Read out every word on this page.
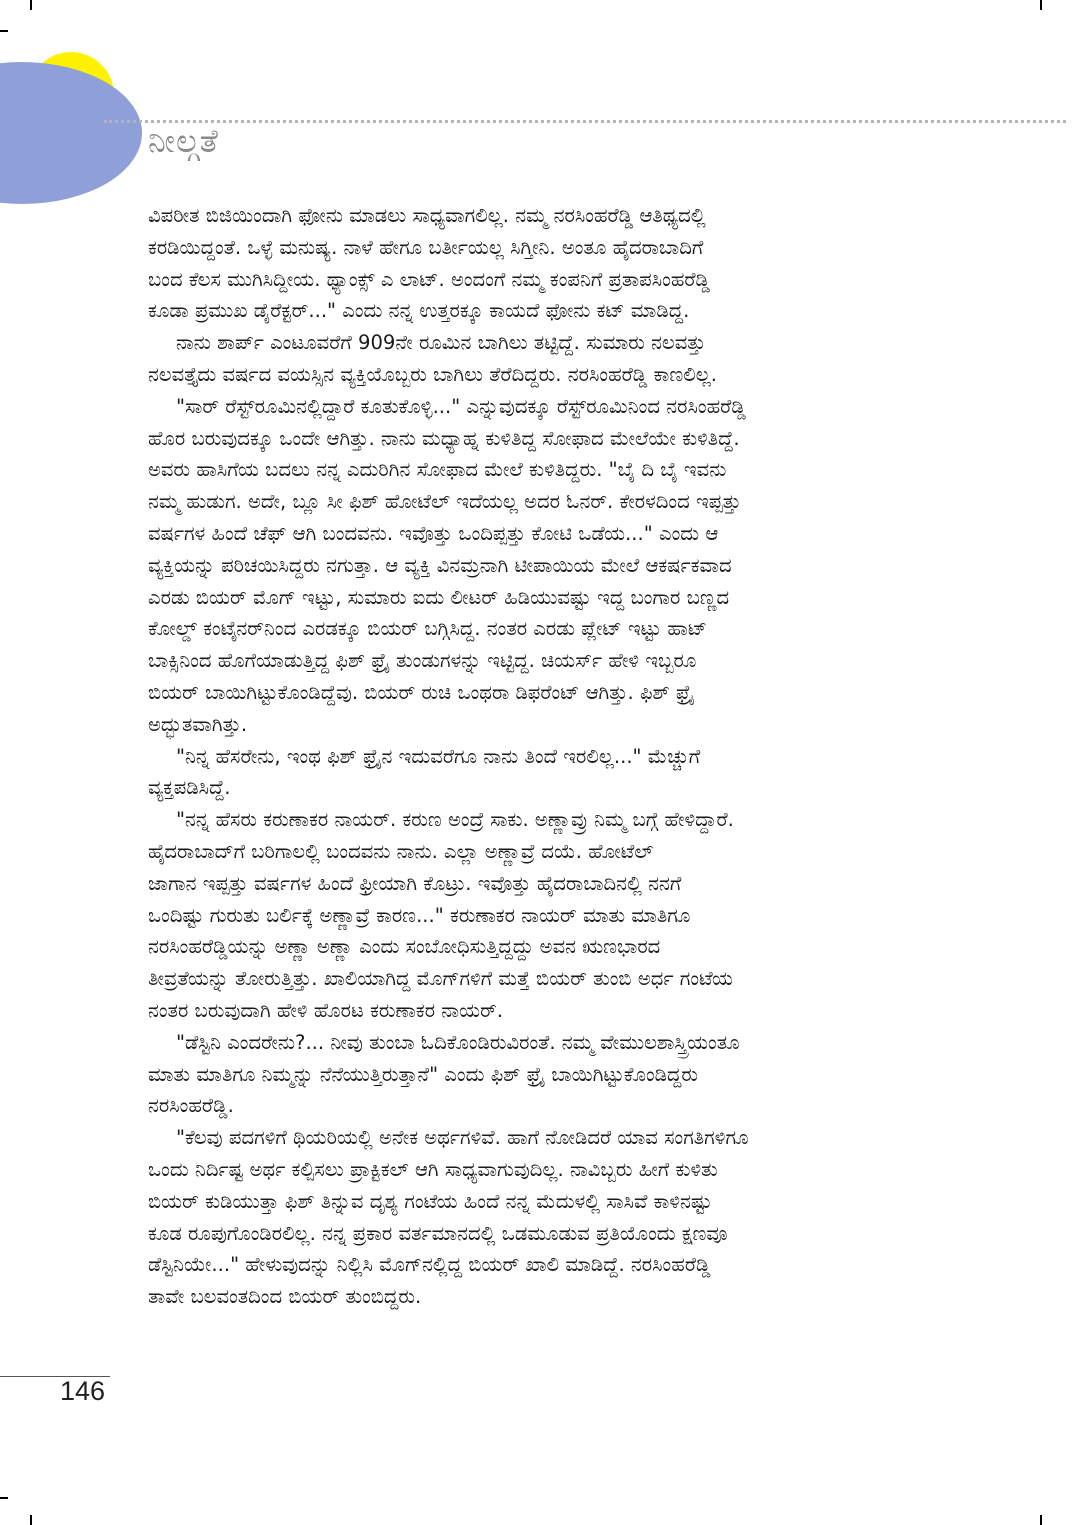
ನೀಲ್ಗತೆ
ವಿಪರೀತ ಬಿಜಿಯಿಂದಾಗಿ ಫೋನು ಮಾಡಲು ಸಾಧ್ಯವಾಗಲಿಲ್ಲ. ನಮ್ಮ ನರಸಿಂಹರೆಡ್ಡಿ ಆತಿಥ್ಯದಲ್ಲಿ
ಕರಡಿಯಿದ್ದಂತೆ. ಒಳ್ಳೆ ಮನುಷ್ಯ. ನಾಳೆ ಹೇಗೂ ಬರ್ತೀಯಲ್ಲ ಸಿಗ್ತೀನಿ. ಅಂತೂ ಹೈದರಾಬಾದಿಗೆ
ಬಂದ ಕೆಲಸ ಮುಗಿಸಿದ್ದೀಯ. ಥ್ಯಾಂಕ್ಸ್ ಎ ಲಾಟ್. ಅಂದಂಗೆ ನಮ್ಮ ಕಂಪನಿಗೆ ಪ್ರತಾಪಸಿಂಹರೆಡ್ಡಿ
ಕೂಡಾ ಪ್ರಮುಖ ಡೈರೆಕ್ಟರ್..." ಎಂದು ನನ್ನ ಉತ್ತರಕ್ಕೂ ಕಾಯದೆ ಫೋನು ಕಟ್ ಮಾಡಿದ್ದ.
ನಾನು ಶಾರ್ಪ್ ಎಂಟೂವರೆಗೆ 909ನೇ ರೂಮಿನ ಬಾಗಿಲು ತಟ್ಟಿದ್ದೆ. ಸುಮಾರು ನಲವತ್ತು
ನಲವತ್ತೈದು ವರ್ಷದ ವಯಸ್ಸಿನ ವ್ಯಕ್ತಿಯೊಬ್ಬರು ಬಾಗಿಲು ತೆರೆದಿದ್ದರು. ನರಸಿಂಹರೆಡ್ಡಿ ಕಾಣಲಿಲ್ಲ.
"ಸಾರ್ ರೆಸ್ಟ್‌ರೂಮಿನಲ್ಲಿದ್ದಾರೆ ಕೂತುಕೊಳ್ಳಿ..." ಎನ್ನುವುದಕ್ಕೂ ರೆಸ್ಟ್‌ರೂಮಿನಿಂದ ನರಸಿಂಹರೆಡ್ಡಿ
ಹೊರ ಬರುವುದಕ್ಕೂ ಒಂದೇ ಆಗಿತ್ತು. ನಾನು ಮಧ್ಯಾಹ್ನ ಕುಳಿತಿದ್ದ ಸೋಫಾದ ಮೇಲೆಯೇ ಕುಳಿತಿದ್ದೆ.
ಅವರು ಹಾಸಿಗೆಯ ಬದಲು ನನ್ನ ಎದುರಿಗಿನ ಸೋಫಾದ ಮೇಲೆ ಕುಳಿತಿದ್ದರು. "ಬೈ ದಿ ಬೈ ಇವನು
ನಮ್ಮ ಹುಡುಗ. ಅದೇ, ಬ್ಲೂ ಸೀ ಫಿಶ್ ಹೋಟೆಲ್ ಇದೆಯಲ್ಲ ಅದರ ಓನರ್. ಕೇರಳದಿಂದ ಇಪ್ಪತ್ತು
ವರ್ಷಗಳ ಹಿಂದೆ ಚೆಫ್ ಆಗಿ ಬಂದವನು. ಇವೊತ್ತು ಒಂದಿಪ್ಪತ್ತು ಕೋಟಿ ಒಡೆಯ..." ಎಂದು ಆ
ವ್ಯಕ್ತಿಯನ್ನು ಪರಿಚಯಿಸಿದ್ದರು ನಗುತ್ತಾ. ಆ ವ್ಯಕ್ತಿ ವಿನಮ್ರನಾಗಿ ಟೀಪಾಯಿಯ ಮೇಲೆ ಆಕರ್ಷಕವಾದ
ಎರಡು ಬಿಯರ್ ಮೊಗ್ ಇಟ್ಟು, ಸುಮಾರು ಐದು ಲೀಟರ್ ಹಿಡಿಯುವಷ್ಟು ಇದ್ದ ಬಂಗಾರ ಬಣ್ಣದ
ಕೋಲ್ಡ್ ಕಂಟೈನರ್‌ನಿಂದ ಎರಡಕ್ಕೂ ಬಿಯರ್ ಬಗ್ಗಿಸಿದ್ದ. ನಂತರ ಎರಡು ಪ್ಲೇಟ್ ಇಟ್ಟು ಹಾಟ್
ಬಾಕ್ಸಿನಿಂದ ಹೊಗೆಯಾಡುತ್ತಿದ್ದ ಫಿಶ್ ಫ್ರೈ ತುಂಡುಗಳನ್ನು ಇಟ್ಟಿದ್ದ. ಚಿಯರ್ಸ್ ಹೇಳಿ ಇಬ್ಬರೂ
ಬಿಯರ್ ಬಾಯಿಗಿಟ್ಟುಕೊಂಡಿದ್ದೆವು. ಬಿಯರ್ ರುಚಿ ಒಂಥರಾ ಡಿಫರೆಂಟ್ ಆಗಿತ್ತು. ಫಿಶ್ ಫ್ರೈ
ಅದ್ಭುತವಾಗಿತ್ತು.
"ನಿನ್ನ ಹೆಸರೇನು, ಇಂಥ ಫಿಶ್ ಫ್ರೈನ ಇದುವರೆಗೂ ನಾನು ತಿಂದೆ ಇರಲಿಲ್ಲ..." ಮೆಚ್ಚುಗೆ
ವ್ಯಕ್ತಪಡಿಸಿದ್ದೆ.
"ನನ್ನ ಹೆಸರು ಕರುಣಾಕರ ನಾಯರ್. ಕರುಣ ಅಂದ್ರೆ ಸಾಕು. ಅಣ್ಣಾವ್ರು ನಿಮ್ಮ ಬಗ್ಗೆ ಹೇಳಿದ್ದಾರೆ.
ಹೈದರಾಬಾದ್‌ಗೆ ಬರಿಗಾಲಲ್ಲಿ ಬಂದವನು ನಾನು. ಎಲ್ಲಾ ಅಣ್ಣಾವ್ರೆ ದಯೆ. ಹೋಟೆಲ್
ಜಾಗಾನ ಇಪ್ಪತ್ತು ವರ್ಷಗಳ ಹಿಂದೆ ಫ್ರೀಯಾಗಿ ಕೊಟ್ರು. ಇವೊತ್ತು ಹೈದರಾಬಾದಿನಲ್ಲಿ ನನಗೆ
ಒಂದಿಷ್ಟು ಗುರುತು ಬರ್ಲಿಕ್ಕೆ ಅಣ್ಣಾವ್ರೆ ಕಾರಣ..." ಕರುಣಾಕರ ನಾಯರ್ ಮಾತು ಮಾತಿಗೂ
ನರಸಿಂಹರೆಡ್ಡಿಯನ್ನು ಅಣ್ಣಾ ಅಣ್ಣಾ ಎಂದು ಸಂಬೋಧಿಸುತ್ತಿದ್ದದ್ದು ಅವನ ಋಣಭಾರದ
ತೀವ್ರತೆಯನ್ನು ತೋರುತ್ತಿತ್ತು. ಖಾಲಿಯಾಗಿದ್ದ ಮೊಗ್‌ಗಳಿಗೆ ಮತ್ತೆ ಬಿಯರ್ ತುಂಬಿ ಅರ್ಧ ಗಂಟೆಯ
ನಂತರ ಬರುವುದಾಗಿ ಹೇಳಿ ಹೊರಟ ಕರುಣಾಕರ ನಾಯರ್.
"ಡೆಸ್ಟಿನಿ ಎಂದರೇನು?... ನೀವು ತುಂಬಾ ಓದಿಕೊಂಡಿರುವಿರಂತೆ. ನಮ್ಮ ವೇಮುಲಶಾಸ್ತ್ರಿಯಂತೂ
ಮಾತು ಮಾತಿಗೂ ನಿಮ್ಮನ್ನು ನೆನೆಯುತ್ತಿರುತ್ತಾನೆ" ಎಂದು ಫಿಶ್ ಫ್ರೈ ಬಾಯಿಗಿಟ್ಟುಕೊಂಡಿದ್ದರು
ನರಸಿಂಹರೆಡ್ಡಿ.
"ಕೆಲವು ಪದಗಳಿಗೆ ಥಿಯರಿಯಲ್ಲಿ ಅನೇಕ ಅರ್ಥಗಳಿವೆ. ಹಾಗೆ ನೋಡಿದರೆ ಯಾವ ಸಂಗತಿಗಳಿಗೂ
ಒಂದು ನಿರ್ದಿಷ್ಟ ಅರ್ಥ ಕಲ್ಪಿಸಲು ಪ್ರಾಕ್ಟಿಕಲ್ ಆಗಿ ಸಾಧ್ಯವಾಗುವುದಿಲ್ಲ. ನಾವಿಬ್ಬರು ಹೀಗೆ ಕುಳಿತು
ಬಿಯರ್ ಕುಡಿಯುತ್ತಾ ಫಿಶ್ ತಿನ್ನುವ ದೃಶ್ಯ ಗಂಟೆಯ ಹಿಂದೆ ನನ್ನ ಮೆದುಳಲ್ಲಿ ಸಾಸಿವೆ ಕಾಳಿನಷ್ಟು
ಕೂಡ ರೂಪುಗೊಂಡಿರಲಿಲ್ಲ. ನನ್ನ ಪ್ರಕಾರ ವರ್ತಮಾನದಲ್ಲಿ ಒಡಮೂಡುವ ಪ್ರತಿಯೊಂದು ಕ್ಷಣವೂ
ಡೆಸ್ಟಿನಿಯೇ..." ಹೇಳುವುದನ್ನು ನಿಲ್ಲಿಸಿ ಮೊಗ್‌ನಲ್ಲಿದ್ದ ಬಿಯರ್ ಖಾಲಿ ಮಾಡಿದ್ದೆ. ನರಸಿಂಹರೆಡ್ಡಿ
ತಾವೇ ಬಲವಂತದಿಂದ ಬಿಯರ್ ತುಂಬಿದ್ದರು.
146
